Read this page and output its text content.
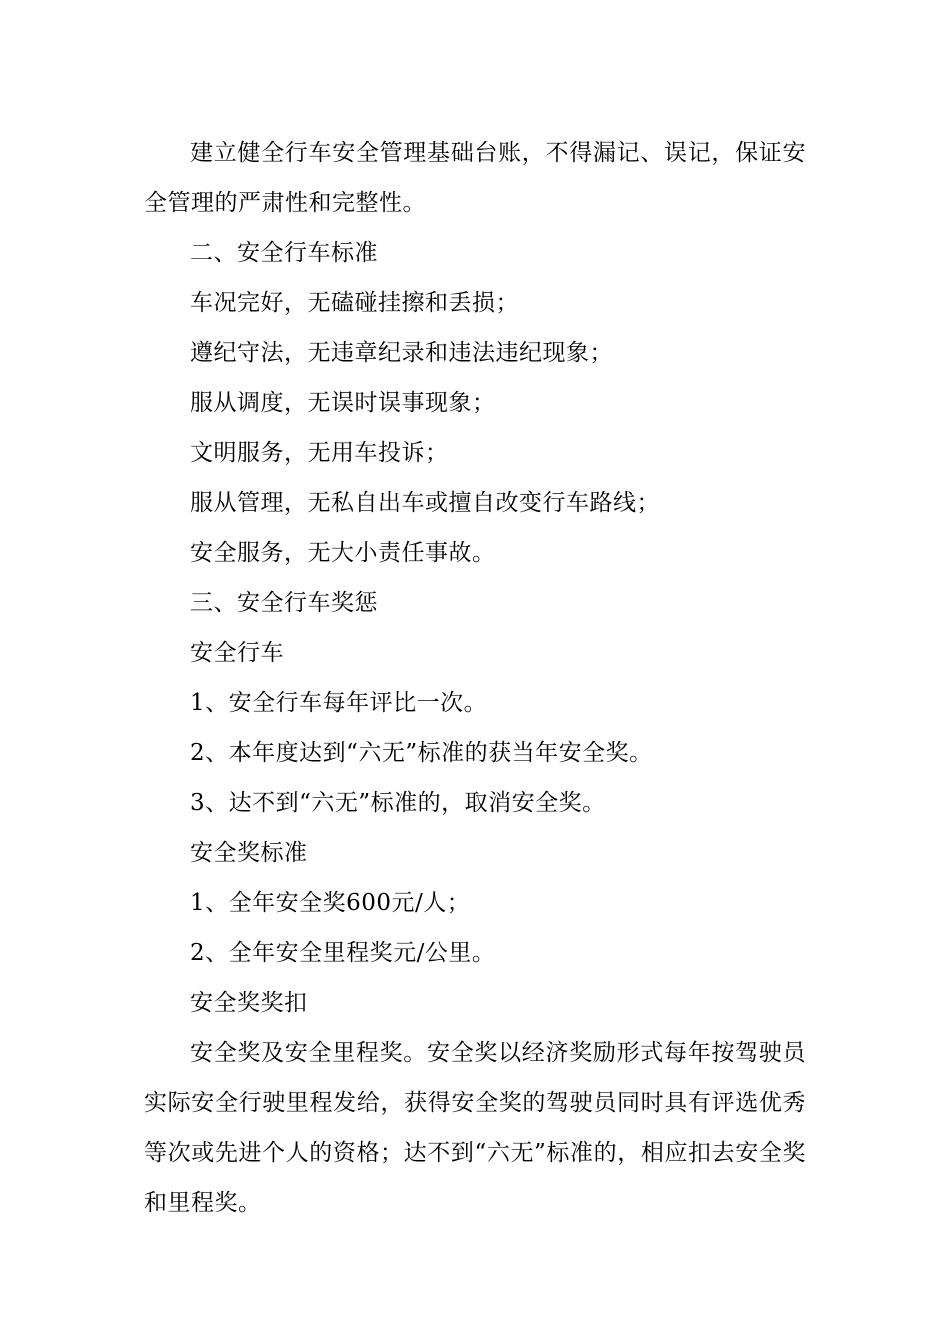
建立健全行车安全管理基础台账，不得漏记、误记，保证安全管理的严肃性和完整性。

二、安全行车标准

车况完好，无磕碰挂擦和丢损；

遵纪守法，无违章纪录和违法违纪现象；

服从调度，无误时误事现象；

文明服务，无用车投诉；

服从管理，无私自出车或擅自改变行车路线；

安全服务，无大小责任事故。

三、安全行车奖惩

安全行车

1、安全行车每年评比一次。

2、本年度达到“六无”标准的获当年安全奖。

3、达不到“六无”标准的，取消安全奖。

安全奖标准

1、全年安全奖600元/人；

2、全年安全里程奖元/公里。

安全奖奖扣

安全奖及安全里程奖。安全奖以经济奖励形式每年按驾驶员实际安全行驶里程发给，获得安全奖的驾驶员同时具有评选优秀等次或先进个人的资格；达不到“六无”标准的，相应扣去安全奖和里程奖。
